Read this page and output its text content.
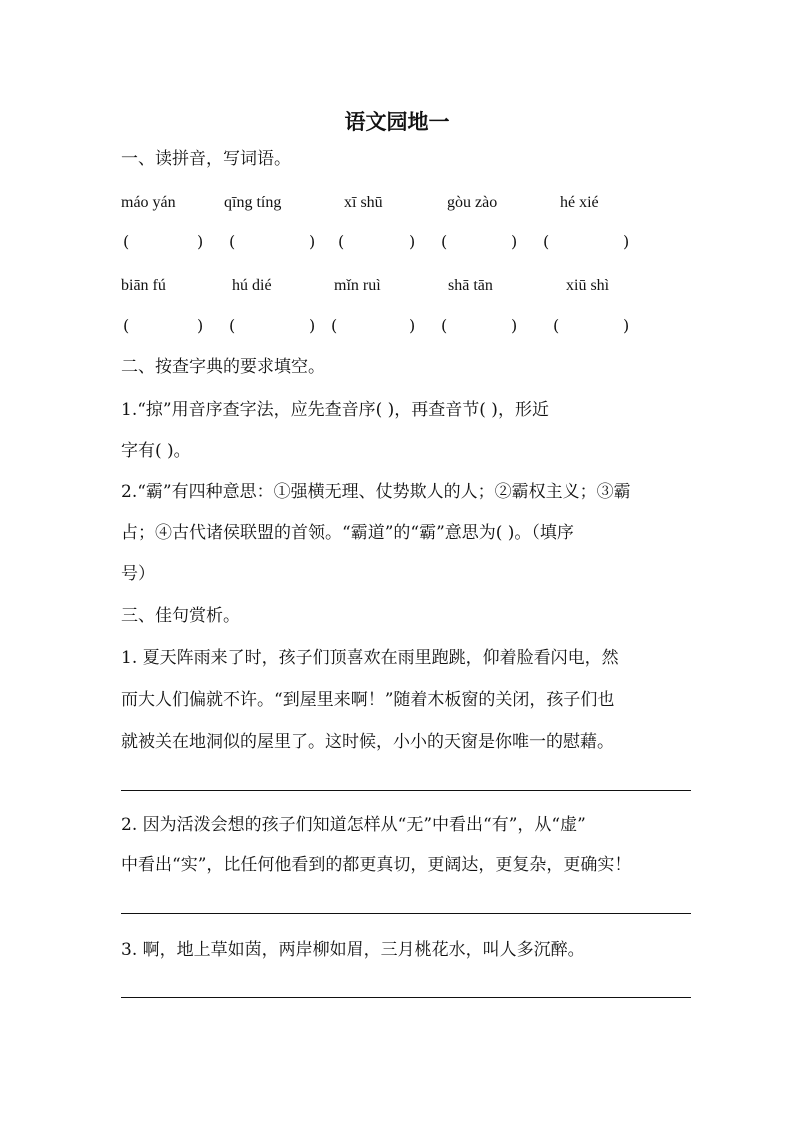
语文园地一
一、读拼音，写词语。
máo yán	qīng tíng	xī shū	gòu zào	hé xié
(	) (	) (	) (	) (	)
biān fú	hú dié	mǐn ruì	shā tān	xiū shì
(	) (	) (	) (	) (	)
二、按查字典的要求填空。
1.“掠”用音序查字法，应先查音序( )，再查音节( )，形近
字有( )。
2.“霸”有四种意思：①强横无理、仗势欺人的人；②霸权主义；③霸
占；④古代诸侯联盟的首领。“霸道”的“霸”意思为( )。（填序
号）
三、佳句赏析。
1. 夏天阵雨来了时，孩子们顶喜欢在雨里跑跳，仰着脸看闪电，然
而大人们偏就不许。“到屋里来啊！”随着木板窗的关闭，孩子们也
就被关在地洞似的屋里了。这时候，小小的天窗是你唯一的慰藉。
2. 因为活泼会想的孩子们知道怎样从“无”中看出“有”，从“虚”
中看出“实”，比任何他看到的都更真切，更阔达，更复杂，更确实！
3. 啊，地上草如茵，两岸柳如眉，三月桃花水，叫人多沉醉。
